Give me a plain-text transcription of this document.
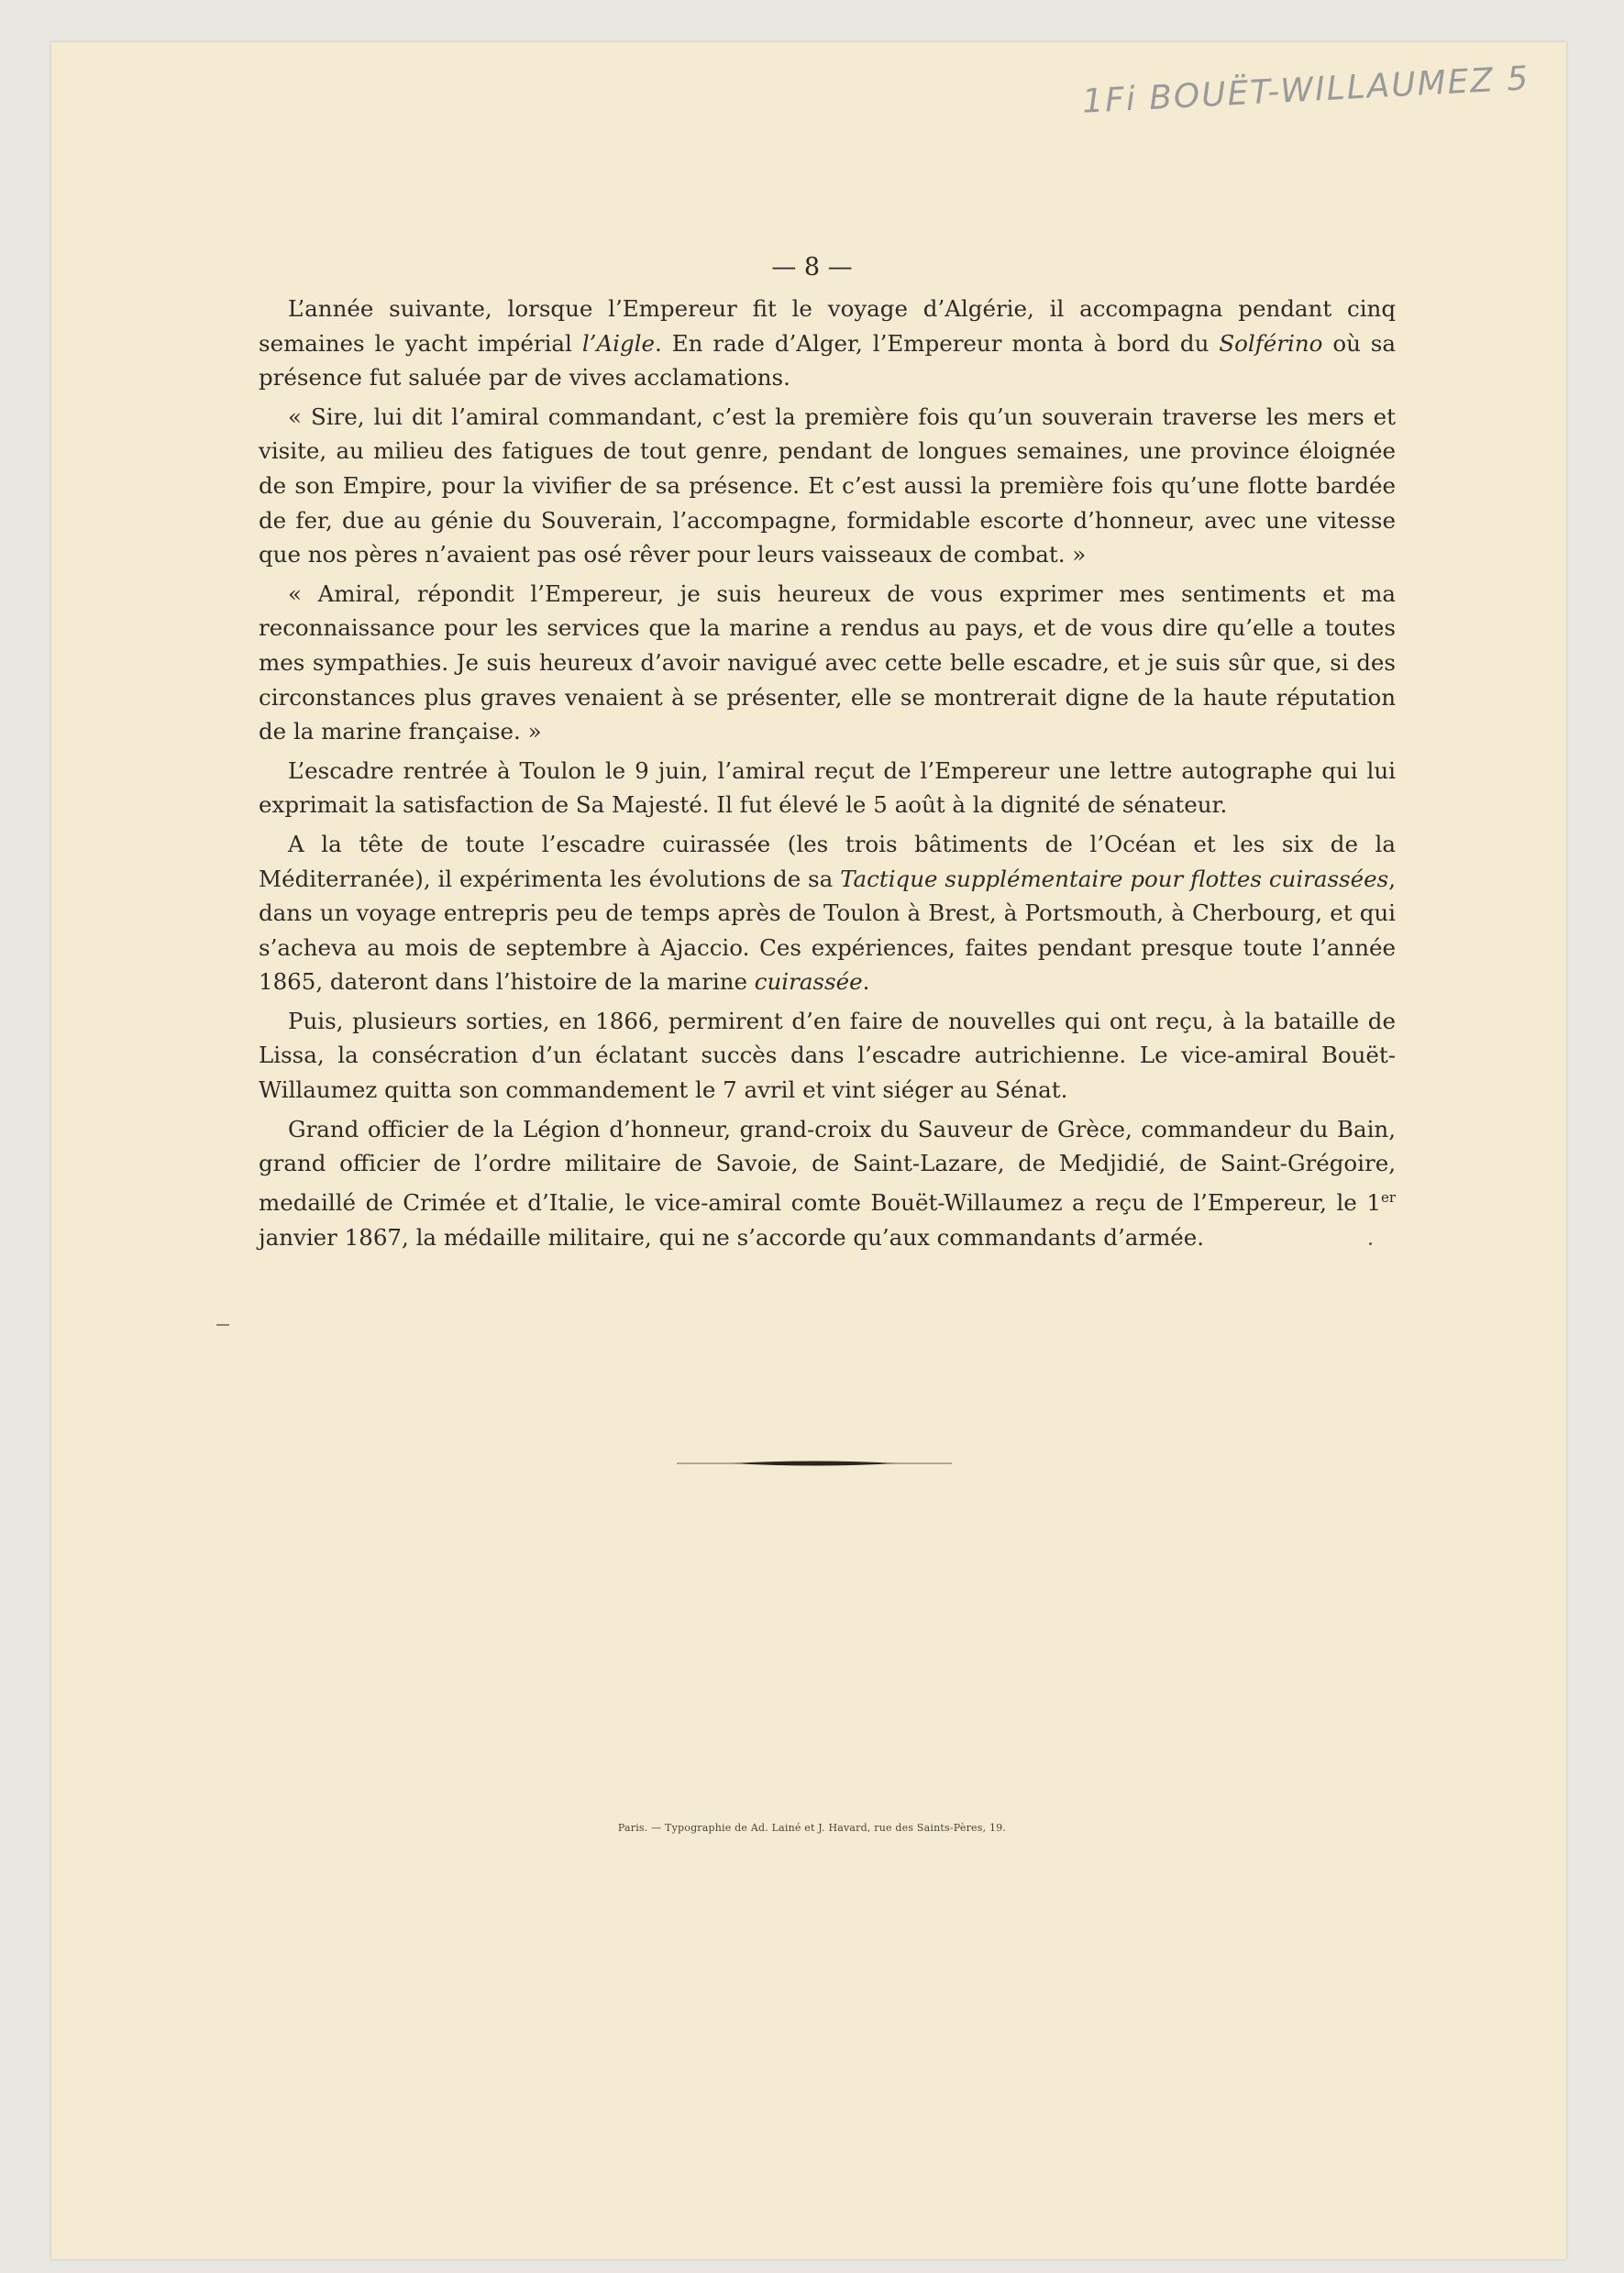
1Fi BOUËT-WILLAUMEZ 5
— 8 —

L’année suivante, lorsque l’Empereur fit le voyage d’Algérie, il accompagna pendant cinq semaines le yacht impérial l’Aigle. En rade d’Alger, l’Empereur monta à bord du Solférino où sa présence fut saluée par de vives acclamations.

« Sire, lui dit l’amiral commandant, c’est la première fois qu’un souverain traverse les mers et visite, au milieu des fatigues de tout genre, pendant de longues semaines, une province éloignée de son Empire, pour la vivifier de sa présence. Et c’est aussi la première fois qu’une flotte bardée de fer, due au génie du Souverain, l’accompagne, formidable escorte d’honneur, avec une vitesse que nos pères n’avaient pas osé rêver pour leurs vaisseaux de combat. »

« Amiral, répondit l’Empereur, je suis heureux de vous exprimer mes sentiments et ma reconnaissance pour les services que la marine a rendus au pays, et de vous dire qu’elle a toutes mes sympathies. Je suis heureux d’avoir navigué avec cette belle escadre, et je suis sûr que, si des circonstances plus graves venaient à se présenter, elle se montrerait digne de la haute réputation de la marine française. »

L’escadre rentrée à Toulon le 9 juin, l’amiral reçut de l’Empereur une lettre autographe qui lui exprimait la satisfaction de Sa Majesté. Il fut élevé le 5 août à la dignité de sénateur.

A la tête de toute l’escadre cuirassée (les trois bâtiments de l’Océan et les six de la Méditerranée), il expérimenta les évolutions de sa Tactique supplémentaire pour flottes cuirassées, dans un voyage entrepris peu de temps après de Toulon à Brest, à Portsmouth, à Cherbourg, et qui s’acheva au mois de septembre à Ajaccio. Ces expériences, faites pendant presque toute l’année 1865, dateront dans l’histoire de la marine cuirassée.

Puis, plusieurs sorties, en 1866, permirent d’en faire de nouvelles qui ont reçu, à la bataille de Lissa, la consécration d’un éclatant succès dans l’escadre autrichienne. Le vice-amiral Bouët-Willaumez quitta son commandement le 7 avril et vint siéger au Sénat.

Grand officier de la Légion d’honneur, grand-croix du Sauveur de Grèce, commandeur du Bain, grand officier de l’ordre militaire de Savoie, de Saint-Lazare, de Medjidié, de Saint-Grégoire, medaillé de Crimée et d’Italie, le vice-amiral comte Bouët-Willaumez a reçu de l’Empereur, le 1er janvier 1867, la médaille militaire, qui ne s’accorde qu’aux commandants d’armée.

Paris. — Typographie de Ad. Lainé et J. Havard, rue des Saints-Pères, 19.
